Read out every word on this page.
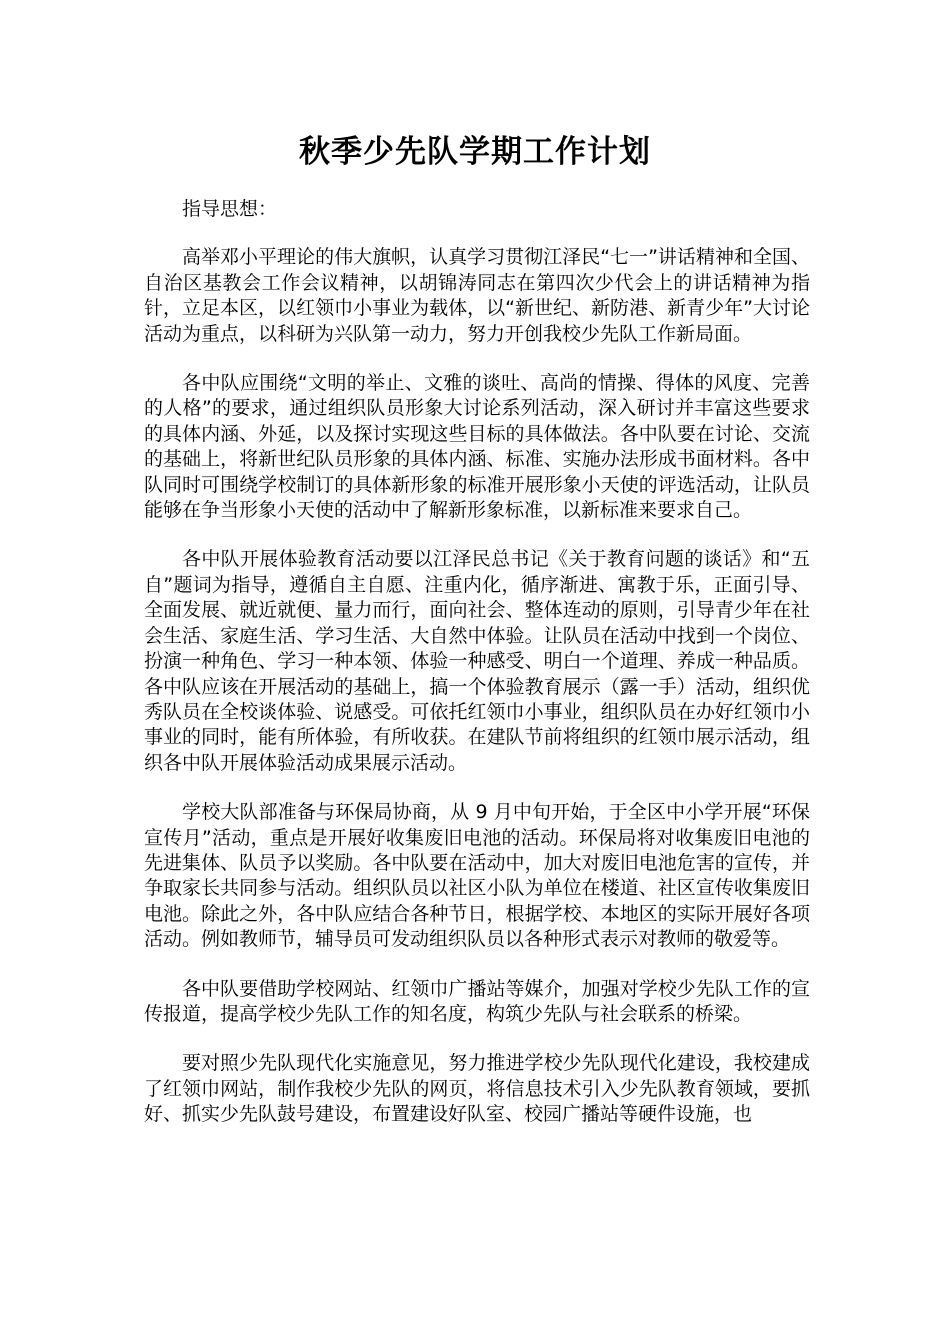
秋季少先队学期工作计划

指导思想：

高举邓小平理论的伟大旗帜，认真学习贯彻江泽民“七一”讲话精神和全国、自治区基教会工作会议精神，以胡锦涛同志在第四次少代会上的讲话精神为指针，立足本区，以红领巾小事业为载体，以“新世纪、新防港、新青少年”大讨论活动为重点，以科研为兴队第一动力，努力开创我校少先队工作新局面。

各中队应围绕“文明的举止、文雅的谈吐、高尚的情操、得体的风度、完善的人格”的要求，通过组织队员形象大讨论系列活动，深入研讨并丰富这些要求的具体内涵、外延，以及探讨实现这些目标的具体做法。各中队要在讨论、交流的基础上，将新世纪队员形象的具体内涵、标准、实施办法形成书面材料。各中队同时可围绕学校制订的具体新形象的标准开展形象小天使的评选活动，让队员能够在争当形象小天使的活动中了解新形象标准，以新标准来要求自己。

各中队开展体验教育活动要以江泽民总书记《关于教育问题的谈话》和“五自”题词为指导，遵循自主自愿、注重内化，循序渐进、寓教于乐，正面引导、全面发展、就近就便、量力而行，面向社会、整体连动的原则，引导青少年在社会生活、家庭生活、学习生活、大自然中体验。让队员在活动中找到一个岗位、扮演一种角色、学习一种本领、体验一种感受、明白一个道理、养成一种品质。各中队应该在开展活动的基础上，搞一个体验教育展示（露一手）活动，组织优秀队员在全校谈体验、说感受。可依托红领巾小事业，组织队员在办好红领巾小事业的同时，能有所体验，有所收获。在建队节前将组织的红领巾展示活动，组织各中队开展体验活动成果展示活动。

学校大队部准备与环保局协商，从 9 月中旬开始，于全区中小学开展“环保宣传月”活动，重点是开展好收集废旧电池的活动。环保局将对收集废旧电池的先进集体、队员予以奖励。各中队要在活动中，加大对废旧电池危害的宣传，并争取家长共同参与活动。组织队员以社区小队为单位在楼道、社区宣传收集废旧电池。除此之外，各中队应结合各种节日，根据学校、本地区的实际开展好各项活动。例如教师节，辅导员可发动组织队员以各种形式表示对教师的敬爱等。

各中队要借助学校网站、红领巾广播站等媒介，加强对学校少先队工作的宣传报道，提高学校少先队工作的知名度，构筑少先队与社会联系的桥梁。

要对照少先队现代化实施意见，努力推进学校少先队现代化建设，我校建成了红领巾网站，制作我校少先队的网页，将信息技术引入少先队教育领域，要抓好、抓实少先队鼓号建设，布置建设好队室、校园广播站等硬件设施，也
